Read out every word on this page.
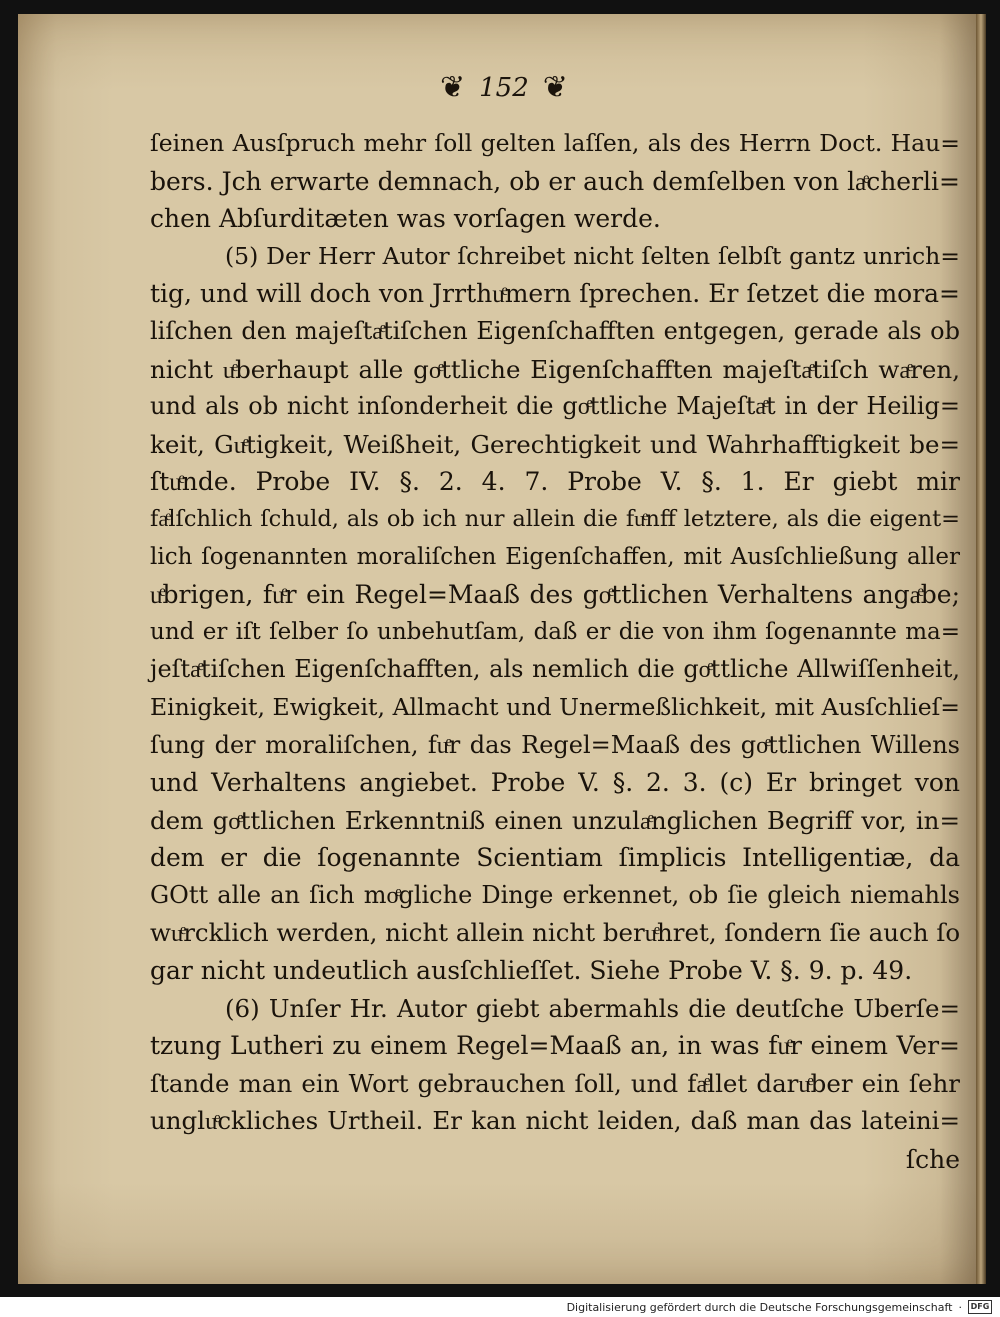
❦ 152 ❦
ſeinen Ausſpruch mehr ſoll gelten laſſen, als des Herrn Doct. Hau=
bers. Jch erwarte demnach, ob er auch demſelben von laͤcherli=
chen Abſurditæten was vorſagen werde.
(5) Der Herr Autor ſchreibet nicht ſelten ſelbſt gantz unrich=
tig, und will doch von Jrrthuͤmern ſprechen. Er ſetzet die mora=
liſchen den majeſtaͤtiſchen Eigenſchafften entgegen, gerade als ob
nicht uͤberhaupt alle goͤttliche Eigenſchafften majeſtaͤtiſch waͤren,
und als ob nicht inſonderheit die goͤttliche Majeſtaͤt in der Heilig=
keit, Guͤtigkeit, Weißheit, Gerechtigkeit und Wahrhafftigkeit be=
ſtuͤnde. Probe IV. §. 2. 4. 7. Probe V. §. 1. Er giebt mir
faͤlſchlich ſchuld, als ob ich nur allein die fuͤnff letztere, als die eigent=
lich ſogenannten moraliſchen Eigenſchaffen, mit Ausſchließung aller
uͤbrigen, fuͤr ein Regel=Maaß des goͤttlichen Verhaltens angaͤbe;
und er iſt ſelber ſo unbehutſam, daß er die von ihm ſogenannte ma=
jeſtaͤtiſchen Eigenſchafften, als nemlich die goͤttliche Allwiſſenheit,
Einigkeit, Ewigkeit, Allmacht und Unermeßlichkeit, mit Ausſchlieſ=
ſung der moraliſchen, fuͤr das Regel=Maaß des goͤttlichen Willens
und Verhaltens angiebet. Probe V. §. 2. 3. (c) Er bringet von
dem goͤttlichen Erkenntniß einen unzulaͤnglichen Begriff vor, in=
dem er die ſogenannte Scientiam ſimplicis Intelligentiæ, da
GOtt alle an ſich moͤgliche Dinge erkennet, ob ſie gleich niemahls
wuͤrcklich werden, nicht allein nicht beruͤhret, ſondern ſie auch ſo
gar nicht undeutlich ausſchlieſſet. Siehe Probe V. §. 9. p. 49.
(6) Unſer Hr. Autor giebt abermahls die deutſche Uberſe=
tzung Lutheri zu einem Regel=Maaß an, in was fuͤr einem Ver=
ſtande man ein Wort gebrauchen ſoll, und faͤllet daruͤber ein ſehr
ungluͤckliches Urtheil. Er kan nicht leiden, daß man das lateini=
ſche
Digitalisierung gefördert durch die Deutsche Forschungsgemeinschaft ·	DFG
